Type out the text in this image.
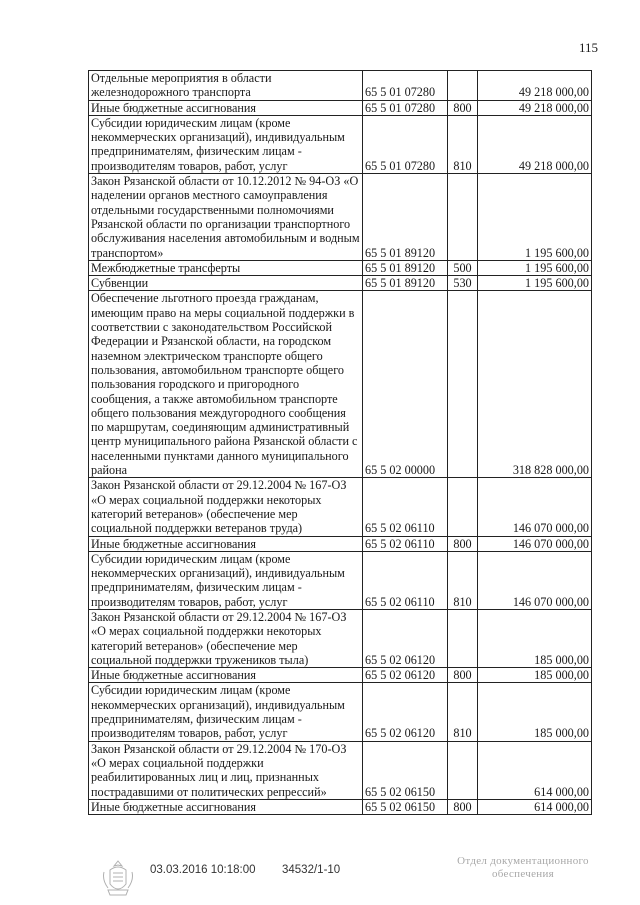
115
Отдельные мероприятия в области железнодорожного транспорта	65 5 01 07280		49 218 000,00
Иные бюджетные ассигнования	65 5 01 07280	800	49 218 000,00
Субсидии юридическим лицам (кроме некоммерческих организаций), индивидуальным предпринимателям, физическим лицам - производителям товаров, работ, услуг	65 5 01 07280	810	49 218 000,00
Закон Рязанской области от 10.12.2012 № 94-ОЗ «О наделении органов местного самоуправления отдельными государственными полномочиями Рязанской области по организации транспортного обслуживания населения автомобильным и водным транспортом»	65 5 01 89120		1 195 600,00
Межбюджетные трансферты	65 5 01 89120	500	1 195 600,00
Субвенции	65 5 01 89120	530	1 195 600,00
Обеспечение льготного проезда гражданам, имеющим право на меры социальной поддержки в соответствии с законодательством Российской Федерации и Рязанской области, на городском наземном электрическом транспорте общего пользования, автомобильном транспорте общего пользования городского и пригородного сообщения, а также автомобильном транспорте общего пользования междугородного сообщения по маршрутам, соединяющим административный центр муниципального района Рязанской области с населенными пунктами данного муниципального района	65 5 02 00000		318 828 000,00
Закон Рязанской области от 29.12.2004 № 167-ОЗ «О мерах социальной поддержки некоторых категорий ветеранов» (обеспечение мер социальной поддержки ветеранов труда)	65 5 02 06110		146 070 000,00
Иные бюджетные ассигнования	65 5 02 06110	800	146 070 000,00
Субсидии юридическим лицам (кроме некоммерческих организаций), индивидуальным предпринимателям, физическим лицам - производителям товаров, работ, услуг	65 5 02 06110	810	146 070 000,00
Закон Рязанской области от 29.12.2004 № 167-ОЗ «О мерах социальной поддержки некоторых категорий ветеранов» (обеспечение мер социальной поддержки тружеников тыла)	65 5 02 06120		185 000,00
Иные бюджетные ассигнования	65 5 02 06120	800	185 000,00
Субсидии юридическим лицам (кроме некоммерческих организаций), индивидуальным предпринимателям, физическим лицам - производителям товаров, работ, услуг	65 5 02 06120	810	185 000,00
Закон Рязанской области от 29.12.2004 № 170-ОЗ «О мерах социальной поддержки реабилитированных лиц и лиц, признанных пострадавшими от политических репрессий»	65 5 02 06150		614 000,00
Иные бюджетные ассигнования	65 5 02 06150	800	614 000,00
03.03.2016 10:18:00 34532/1-10
Отдел документационного
обеспечения
